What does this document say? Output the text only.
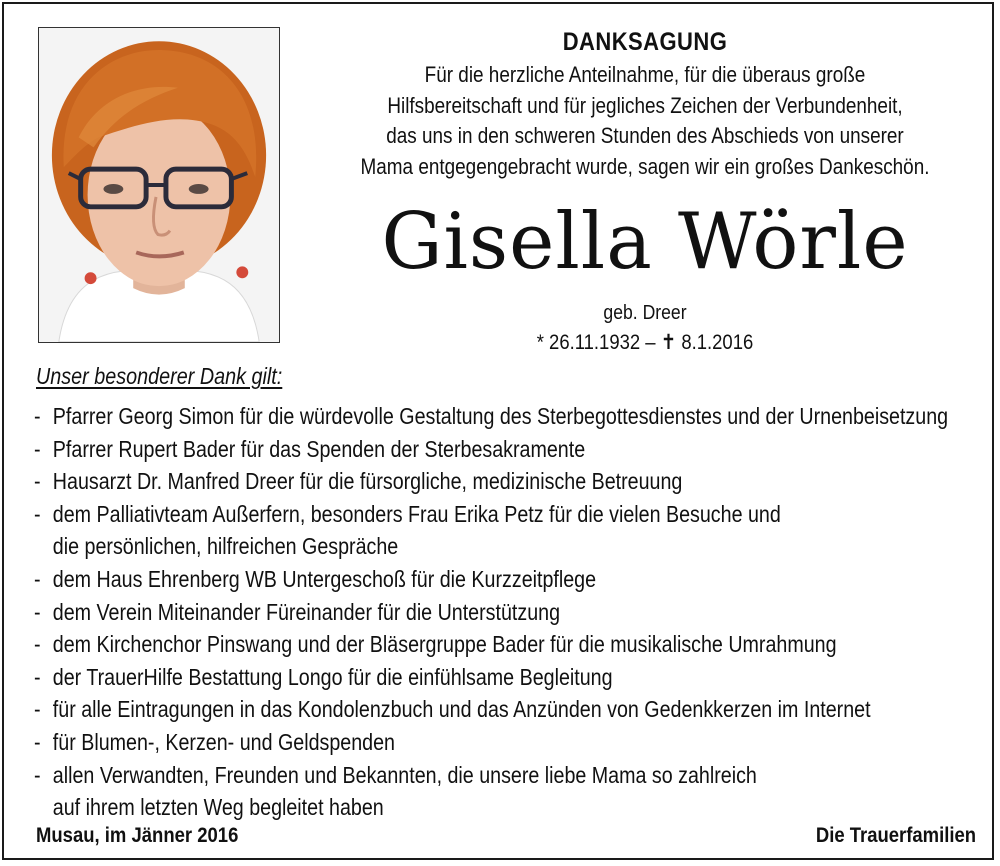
DANKSAGUNG
Für die herzliche Anteilnahme, für die überaus große
Hilfsbereitschaft und für jegliches Zeichen der Verbundenheit,
das uns in den schweren Stunden des Abschieds von unserer
Mama entgegengebracht wurde, sagen wir ein großes Dankeschön.
Gisella Wörle
geb. Dreer
* 26.11.1932 – ✝ 8.1.2016
Unser besonderer Dank gilt:
- Pfarrer Georg Simon für die würdevolle Gestaltung des Sterbegottesdienstes und der Urnenbeisetzung
- Pfarrer Rupert Bader für das Spenden der Sterbesakramente
- Hausarzt Dr. Manfred Dreer für die fürsorgliche, medizinische Betreuung
- dem Palliativteam Außerfern, besonders Frau Erika Petz für die vielen Besuche und
die persönlichen, hilfreichen Gespräche
- dem Haus Ehrenberg WB Untergeschoß für die Kurzzeitpflege
- dem Verein Miteinander Füreinander für die Unterstützung
- dem Kirchenchor Pinswang und der Bläsergruppe Bader für die musikalische Umrahmung
- der TrauerHilfe Bestattung Longo für die einfühlsame Begleitung
- für alle Eintragungen in das Kondolenzbuch und das Anzünden von Gedenkkerzen im Internet
- für Blumen-, Kerzen- und Geldspenden
- allen Verwandten, Freunden und Bekannten, die unsere liebe Mama so zahlreich
auf ihrem letzten Weg begleitet haben
Musau, im Jänner 2016	Die Trauerfamilien
